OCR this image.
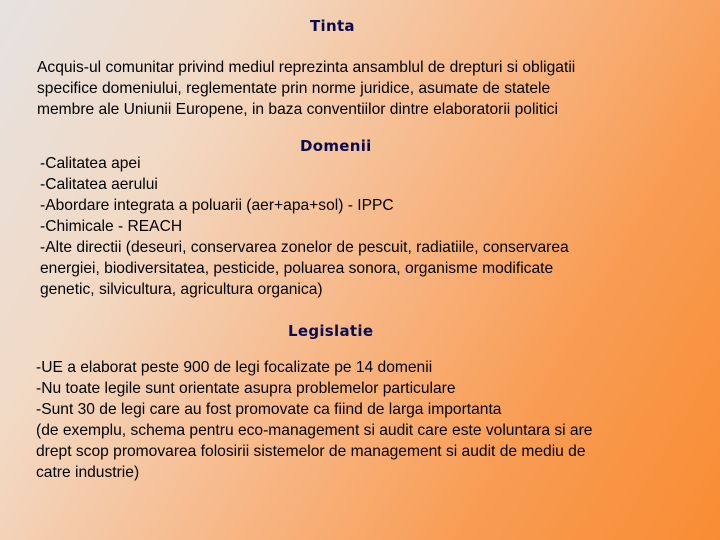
Tinta
Acquis-ul comunitar privind mediul reprezinta ansamblul de drepturi si obligatii
specifice domeniului, reglementate prin norme juridice, asumate de statele
membre ale Uniunii Europene, in baza conventiilor dintre elaboratorii politici
Domenii
-Calitatea apei
-Calitatea aerului
-Abordare integrata a poluarii (aer+apa+sol) - IPPC
-Chimicale - REACH
-Alte directii (deseuri, conservarea zonelor de pescuit, radiatiile, conservarea
energiei, biodiversitatea, pesticide, poluarea sonora, organisme modificate
genetic, silvicultura, agricultura organica)
Legislatie
-UE a elaborat peste 900 de legi focalizate pe 14 domenii
-Nu toate legile sunt orientate asupra problemelor particulare
-Sunt 30 de legi care au fost promovate ca fiind de larga importanta
(de exemplu, schema pentru eco-management si audit care este voluntara si are
drept scop promovarea folosirii sistemelor de management si audit de mediu de
catre industrie)
